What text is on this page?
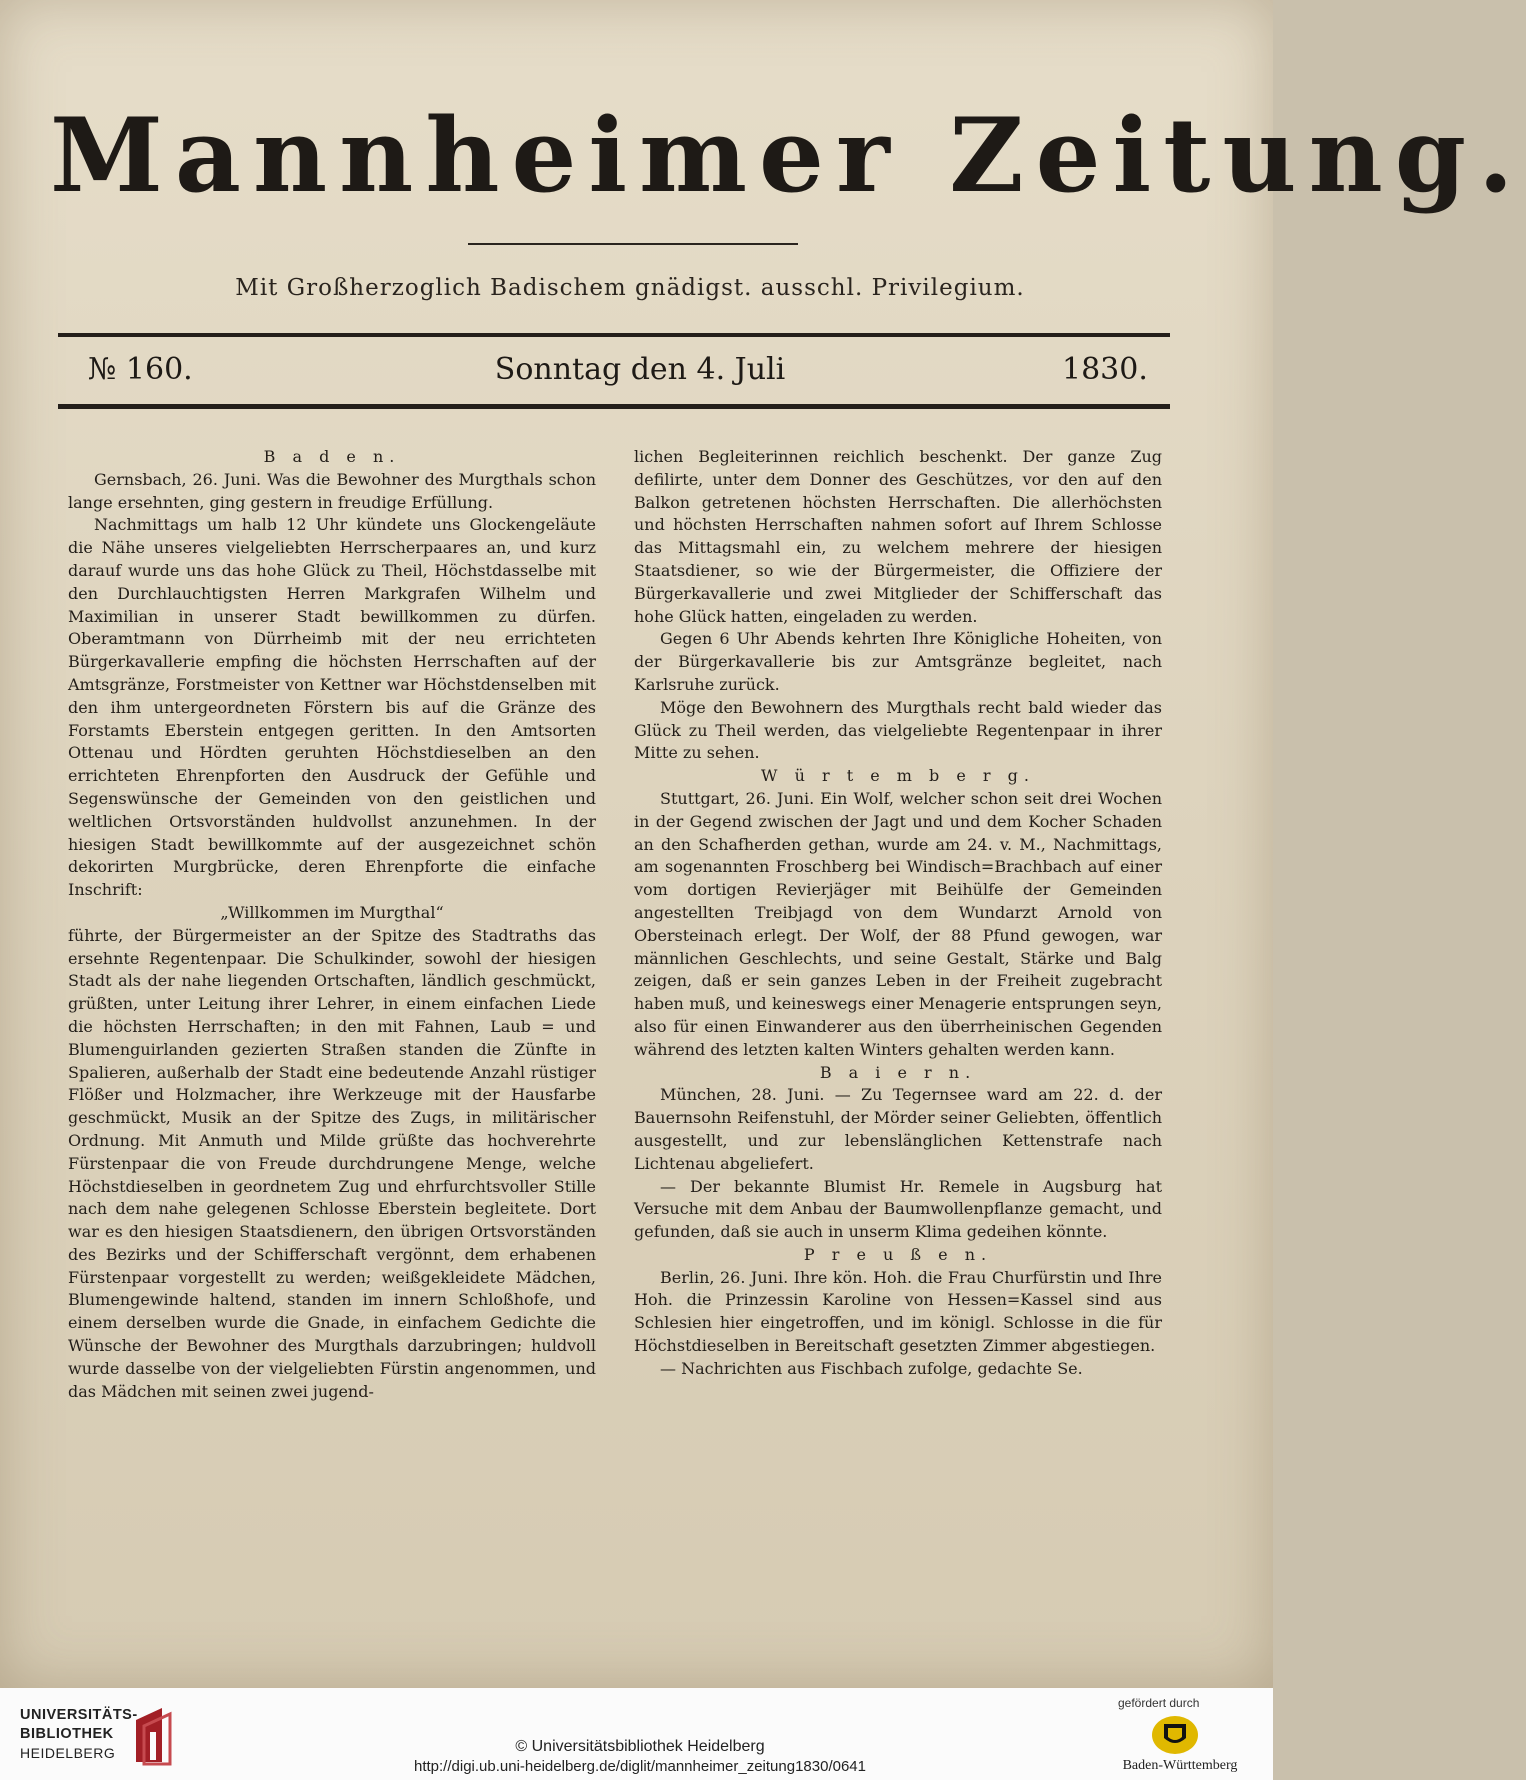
Mannheimer Zeitung.
Mit Großherzoglich Badischem gnädigst. ausschl. Privilegium.
№ 160.	Sonntag den 4. Juli	1830.
B a d e n.

Gernsbach, 26. Juni. Was die Bewohner des Murgthals schon lange ersehnten, ging gestern in freudige Erfüllung.

Nachmittags um halb 12 Uhr kündete uns Glockengeläute die Nähe unseres vielgeliebten Herrscherpaares an, und kurz darauf wurde uns das hohe Glück zu Theil, Höchstdasselbe mit den Durchlauchtigsten Herren Markgrafen Wilhelm und Maximilian in unserer Stadt bewillkommen zu dürfen. Oberamtmann von Dürrheimb mit der neu errichteten Bürgerkavallerie empfing die höchsten Herrschaften auf der Amtsgränze, Forstmeister von Kettner war Höchstdenselben mit den ihm untergeordneten Förstern bis auf die Gränze des Forstamts Eberstein entgegen geritten. In den Amtsorten Ottenau und Hördten geruhten Höchstdieselben an den errichteten Ehrenpforten den Ausdruck der Gefühle und Segenswünsche der Gemeinden von den geistlichen und weltlichen Ortsvorständen huldvollst anzunehmen. In der hiesigen Stadt bewillkommte auf der ausgezeichnet schön dekorirten Murgbrücke, deren Ehrenpforte die einfache Inschrift:

„Willkommen im Murgthal“

führte, der Bürgermeister an der Spitze des Stadtraths das ersehnte Regentenpaar. Die Schulkinder, sowohl der hiesigen Stadt als der nahe liegenden Ortschaften, ländlich geschmückt, grüßten, unter Leitung ihrer Lehrer, in einem einfachen Liede die höchsten Herrschaften; in den mit Fahnen, Laub = und Blumenguirlanden gezierten Straßen standen die Zünfte in Spalieren, außerhalb der Stadt eine bedeutende Anzahl rüstiger Flößer und Holzmacher, ihre Werkzeuge mit der Hausfarbe geschmückt, Musik an der Spitze des Zugs, in militärischer Ordnung. Mit Anmuth und Milde grüßte das hochverehrte Fürstenpaar die von Freude durchdrungene Menge, welche Höchstdieselben in geordnetem Zug und ehrfurchtsvoller Stille nach dem nahe gelegenen Schlosse Eberstein begleitete. Dort war es den hiesigen Staatsdienern, den übrigen Ortsvorständen des Bezirks und der Schifferschaft vergönnt, dem erhabenen Fürstenpaar vorgestellt zu werden; weißgekleidete Mädchen, Blumengewinde haltend, standen im innern Schloßhofe, und einem derselben wurde die Gnade, in einfachem Gedichte die Wünsche der Bewohner des Murgthals darzubringen; huldvoll wurde dasselbe von der vielgeliebten Fürstin angenommen, und das Mädchen mit seinen zwei jugend-

lichen Begleiterinnen reichlich beschenkt. Der ganze Zug defilirte, unter dem Donner des Geschützes, vor den auf den Balkon getretenen höchsten Herrschaften. Die allerhöchsten und höchsten Herrschaften nahmen sofort auf Ihrem Schlosse das Mittagsmahl ein, zu welchem mehrere der hiesigen Staatsdiener, so wie der Bürgermeister, die Offiziere der Bürgerkavallerie und zwei Mitglieder der Schifferschaft das hohe Glück hatten, eingeladen zu werden.

Gegen 6 Uhr Abends kehrten Ihre Königliche Hoheiten, von der Bürgerkavallerie bis zur Amtsgränze begleitet, nach Karlsruhe zurück.

Möge den Bewohnern des Murgthals recht bald wieder das Glück zu Theil werden, das vielgeliebte Regentenpaar in ihrer Mitte zu sehen.

W ü r t e m b e r g.

Stuttgart, 26. Juni. Ein Wolf, welcher schon seit drei Wochen in der Gegend zwischen der Jagt und und dem Kocher Schaden an den Schafherden gethan, wurde am 24. v. M., Nachmittags, am sogenannten Froschberg bei Windisch=Brachbach auf einer vom dortigen Revierjäger mit Beihülfe der Gemeinden angestellten Treibjagd von dem Wundarzt Arnold von Obersteinach erlegt. Der Wolf, der 88 Pfund gewogen, war männlichen Geschlechts, und seine Gestalt, Stärke und Balg zeigen, daß er sein ganzes Leben in der Freiheit zugebracht haben muß, und keineswegs einer Menagerie entsprungen seyn, also für einen Einwanderer aus den überrheinischen Gegenden während des letzten kalten Winters gehalten werden kann.

B a i e r n.

München, 28. Juni. — Zu Tegernsee ward am 22. d. der Bauernsohn Reifenstuhl, der Mörder seiner Geliebten, öffentlich ausgestellt, und zur lebenslänglichen Kettenstrafe nach Lichtenau abgeliefert.

— Der bekannte Blumist Hr. Remele in Augsburg hat Versuche mit dem Anbau der Baumwollenpflanze gemacht, und gefunden, daß sie auch in unserm Klima gedeihen könnte.

P r e u ß e n.

Berlin, 26. Juni. Ihre kön. Hoh. die Frau Churfürstin und Ihre Hoh. die Prinzessin Karoline von Hessen=Kassel sind aus Schlesien hier eingetroffen, und im königl. Schlosse in die für Höchstdieselben in Bereitschaft gesetzten Zimmer abgestiegen.

— Nachrichten aus Fischbach zufolge, gedachte Se.

UNIVERSITÄTS-
BIBLIOTHEK
HEIDELBERG	© Universitätsbibliothek Heidelberg
http://digi.ub.uni-heidelberg.de/diglit/mannheimer_zeitung1830/0641
gefördert durch
Baden-Württemberg
